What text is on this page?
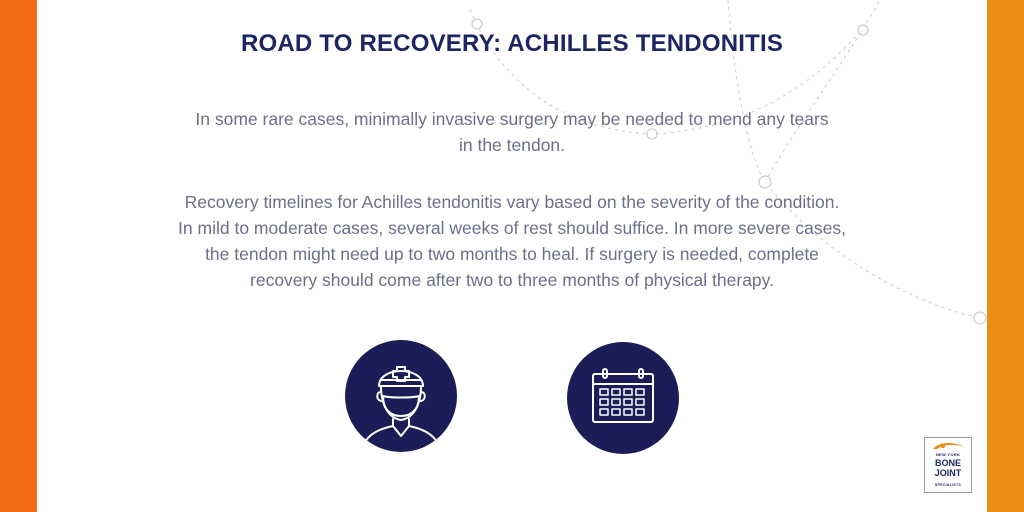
ROAD TO RECOVERY: ACHILLES TENDONITIS
In some rare cases, minimally invasive surgery may be needed to mend any tears
in the tendon.
Recovery timelines for Achilles tendonitis vary based on the severity of the condition.
In mild to moderate cases, several weeks of rest should suffice. In more severe cases,
the tendon might need up to two months to heal. If surgery is needed, complete
recovery should come after two to three months of physical therapy.
NEW YORK
BONE
JOINT
SPECIALISTS
